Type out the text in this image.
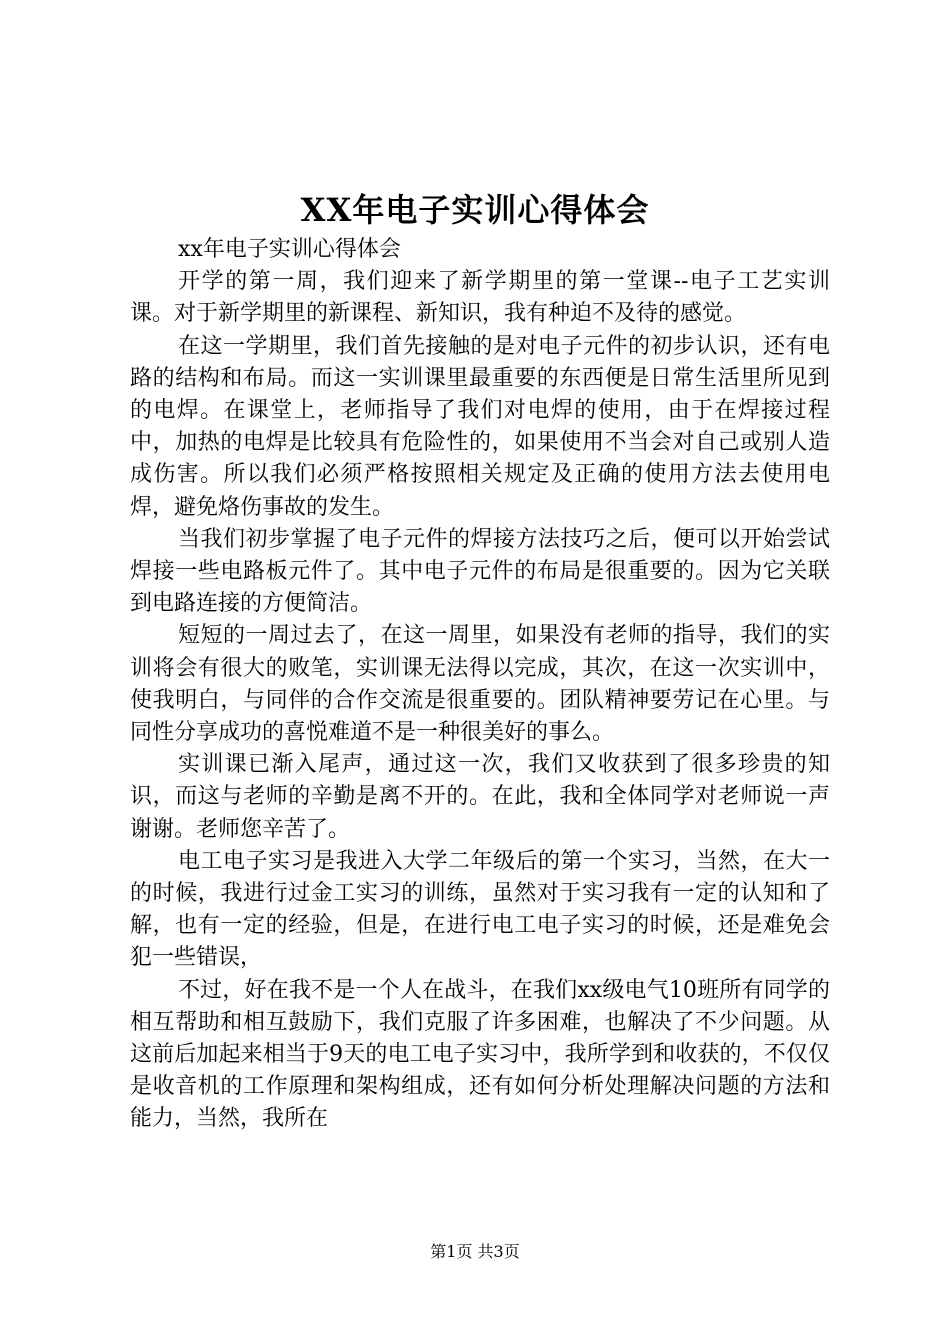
XX年电子实训心得体会

xx年电子实训心得体会

开学的第一周，我们迎来了新学期里的第一堂课--电子工艺实训课。对于新学期里的新课程、新知识，我有种迫不及待的感觉。

在这一学期里，我们首先接触的是对电子元件的初步认识，还有电路的结构和布局。而这一实训课里最重要的东西便是日常生活里所见到的电焊。在课堂上，老师指导了我们对电焊的使用，由于在焊接过程中，加热的电焊是比较具有危险性的，如果使用不当会对自己或别人造成伤害。所以我们必须严格按照相关规定及正确的使用方法去使用电焊，避免烙伤事故的发生。

当我们初步掌握了电子元件的焊接方法技巧之后，便可以开始尝试焊接一些电路板元件了。其中电子元件的布局是很重要的。因为它关联到电路连接的方便简洁。

短短的一周过去了，在这一周里，如果没有老师的指导，我们的实训将会有很大的败笔，实训课无法得以完成，其次，在这一次实训中，使我明白，与同伴的合作交流是很重要的。团队精神要劳记在心里。与同性分享成功的喜悦难道不是一种很美好的事么。

实训课已渐入尾声，通过这一次，我们又收获到了很多珍贵的知识，而这与老师的辛勤是离不开的。在此，我和全体同学对老师说一声谢谢。老师您辛苦了。

电工电子实习是我进入大学二年级后的第一个实习，当然，在大一的时候，我进行过金工实习的训练，虽然对于实习我有一定的认知和了解，也有一定的经验，但是，在进行电工电子实习的时候，还是难免会犯一些错误，

不过，好在我不是一个人在战斗，在我们xx级电气10班所有同学的相互帮助和相互鼓励下，我们克服了许多困难，也解决了不少问题。从这前后加起来相当于9天的电工电子实习中，我所学到和收获的，不仅仅是收音机的工作原理和架构组成，还有如何分析处理解决问题的方法和能力，当然，我所在

第1页 共3页
